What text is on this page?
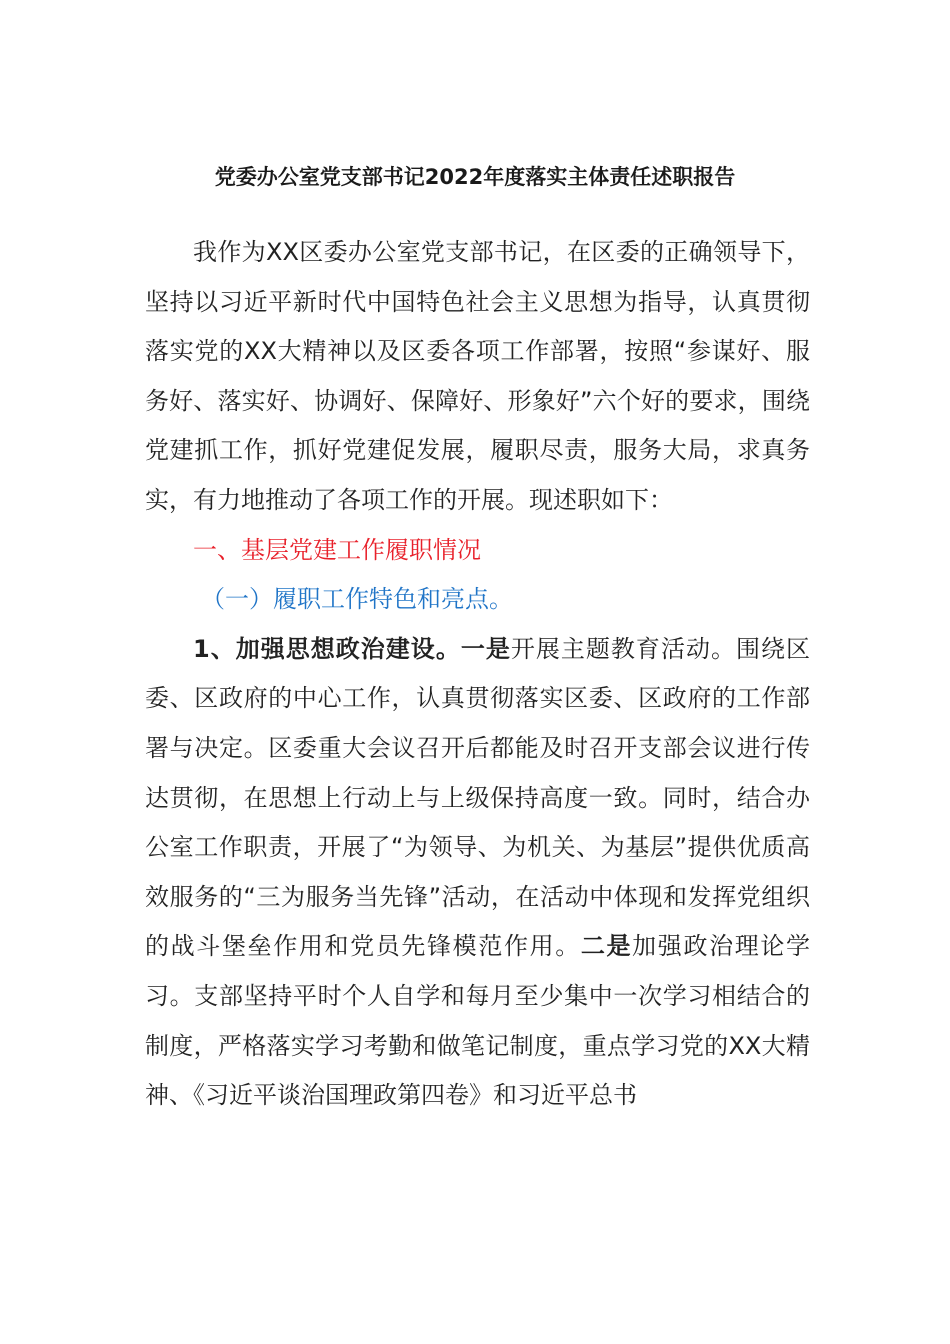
党委办公室党支部书记2022年度落实主体责任述职报告

我作为XX区委办公室党支部书记，在区委的正确领导下，坚持以习近平新时代中国特色社会主义思想为指导，认真贯彻落实党的XX大精神以及区委各项工作部署，按照“参谋好、服务好、落实好、协调好、保障好、形象好”六个好的要求，围绕党建抓工作，抓好党建促发展，履职尽责，服务大局，求真务实，有力地推动了各项工作的开展。现述职如下：

一、基层党建工作履职情况

（一）履职工作特色和亮点。

1、加强思想政治建设。一是开展主题教育活动。围绕区委、区政府的中心工作，认真贯彻落实区委、区政府的工作部署与决定。区委重大会议召开后都能及时召开支部会议进行传达贯彻，在思想上行动上与上级保持高度一致。同时，结合办公室工作职责，开展了“为领导、为机关、为基层”提供优质高效服务的“三为服务当先锋”活动，在活动中体现和发挥党组织的战斗堡垒作用和党员先锋模范作用。二是加强政治理论学习。支部坚持平时个人自学和每月至少集中一次学习相结合的制度，严格落实学习考勤和做笔记制度，重点学习党的XX大精神、《习近平谈治国理政第四卷》和习近平总书
